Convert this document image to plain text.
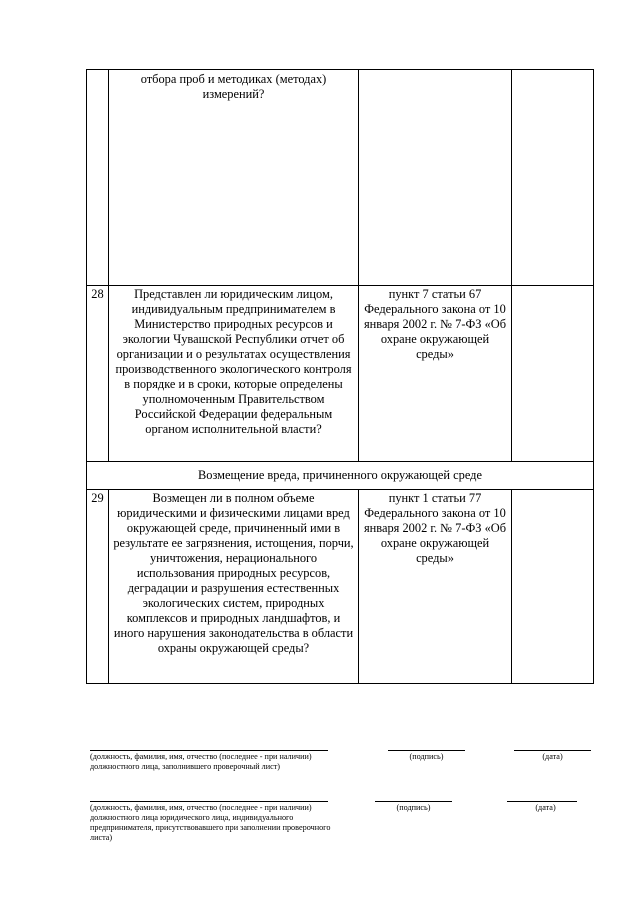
	отбора проб и методиках (методах) измерений?		
28	Представлен ли юридическим лицом, индивидуальным предпринимателем в Министерство природных ресурсов и экологии Чувашской Республики отчет об организации и о результатах осуществления производственного экологического контроля в порядке и в сроки, которые определены уполномоченным Правительством Российской Федерации федеральным органом исполнительной власти?	пункт 7 статьи 67 Федерального закона от 10 января 2002 г. № 7-ФЗ «Об охране окружающей среды»	
Возмещение вреда, причиненного окружающей среде			
29	Возмещен ли в полном объеме юридическими и физическими лицами вред окружающей среде, причиненный ими в результате ее загрязнения, истощения, порчи, уничтожения, нерационального использования природных ресурсов, деградации и разрушения естественных экологических систем, природных комплексов и природных ландшафтов, и иного нарушения законодательства в области охраны окружающей среды?	пункт 1 статьи 77 Федерального закона от 10 января 2002 г. № 7-ФЗ «Об охране окружающей среды»	
(должность, фамилия, имя, отчество (последнее - при наличии) должностного лица, заполнившего проверочный лист)
(подпись)	(дата)
(должность, фамилия, имя, отчество (последнее - при наличии) должностного лица юридического лица, индивидуального предпринимателя, присутствовавшего при заполнении проверочного листа)
(подпись)	(дата)
